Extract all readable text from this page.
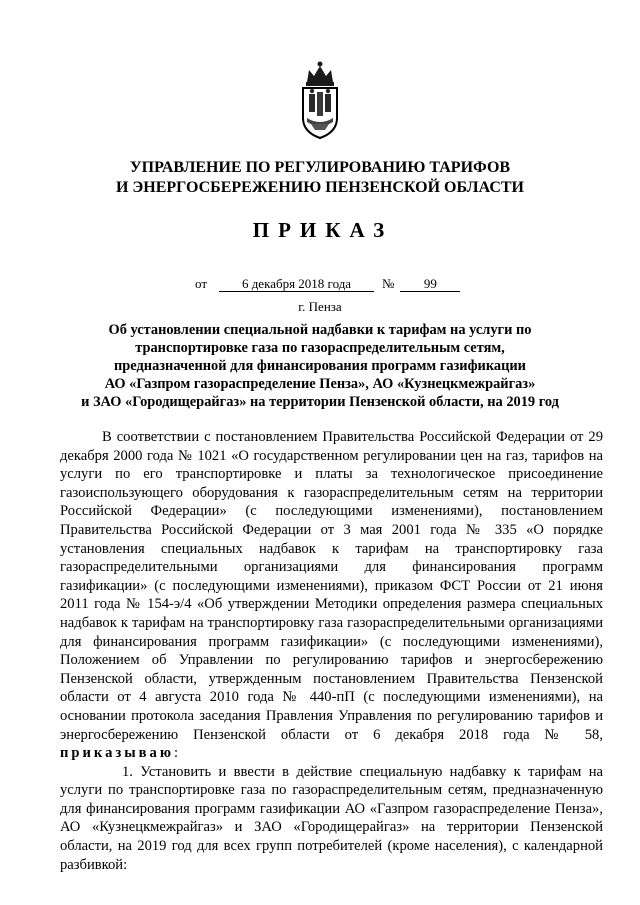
УПРАВЛЕНИЕ ПО РЕГУЛИРОВАНИЮ ТАРИФОВ
И ЭНЕРГОСБЕРЕЖЕНИЮ ПЕНЗЕНСКОЙ ОБЛАСТИ
ПРИКАЗ
от	6 декабря 2018 года № 99
г. Пенза
Об установлении специальной надбавки к тарифам на услуги по
транспортировке газа по газораспределительным сетям,
предназначенной для финансирования программ газификации
АО «Газпром газораспределение Пенза», АО «Кузнецкмежрайгаз»
и ЗАО «Городищерайгаз» на территории Пензенской области, на 2019 год

В соответствии с постановлением Правительства Российской Федерации от 29 декабря 2000 года № 1021 «О государственном регулировании цен на газ, тарифов на услуги по его транспортировке и платы за технологическое присоединение газоиспользующего оборудования к газораспределительным сетям на территории Российской Федерации» (с последующими изменениями), постановлением Правительства Российской Федерации от 3 мая 2001 года № 335 «О порядке установления специальных надбавок к тарифам на транспортировку газа газораспределительными организациями для финансирования программ газификации» (с последующими изменениями), приказом ФСТ России от 21 июня 2011 года № 154-э/4 «Об утверждении Методики определения размера специальных надбавок к тарифам на транспортировку газа газораспределительными организациями для финансирования программ газификации» (с последующими изменениями), Положением об Управлении по регулированию тарифов и энергосбережению Пензенской области, утвержденным постановлением Правительства Пензенской области от 4 августа 2010 года № 440-пП (с последующими изменениями), на основании протокола заседания Правления Управления по регулированию тарифов и энергосбережению Пензенской области от 6 декабря 2018 года № 58, приказываю:

1. Установить и ввести в действие специальную надбавку к тарифам на услуги по транспортировке газа по газораспределительным сетям, предназначенную для финансирования программ газификации АО «Газпром газораспределение Пенза», АО «Кузнецкмежрайгаз» и ЗАО «Городищерайгаз» на территории Пензенской области, на 2019 год для всех групп потребителей (кроме населения), с календарной разбивкой:
